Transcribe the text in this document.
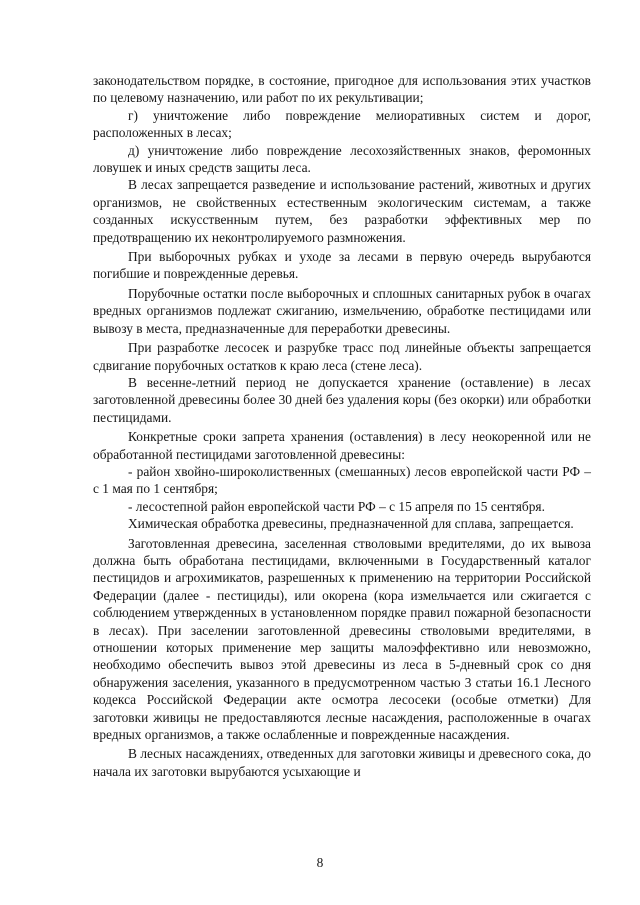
законодательством порядке, в состояние, пригодное для использования этих участков по целевому назначению, или работ по их рекультивации;

г) уничтожение либо повреждение мелиоративных систем и дорог, расположенных в лесах;

д) уничтожение либо повреждение лесохозяйственных знаков, феромонных ловушек и иных средств защиты леса.

В лесах запрещается разведение и использование растений, животных и других организмов, не свойственных естественным экологическим системам, а также созданных искусственным путем, без разработки эффективных мер по предотвращению их неконтролируемого размножения.

При выборочных рубках и уходе за лесами в первую очередь вырубаются погибшие и поврежденные деревья.

Порубочные остатки после выборочных и сплошных санитарных рубок в очагах вредных организмов подлежат сжиганию, измельчению, обработке пестицидами или вывозу в места, предназначенные для переработки древесины.

При разработке лесосек и разрубке трасс под линейные объекты запрещается сдвигание порубочных остатков к краю леса (стене леса).

В весенне-летний период не допускается хранение (оставление) в лесах заготовленной древесины более 30 дней без удаления коры (без окорки) или обработки пестицидами.

Конкретные сроки запрета хранения (оставления) в лесу неокоренной или не обработанной пестицидами заготовленной древесины:

- район хвойно-широколиственных (смешанных) лесов европейской части РФ – с 1 мая по 1 сентября;

- лесостепной район европейской части РФ – с 15 апреля по 15 сентября.

Химическая обработка древесины, предназначенной для сплава, запрещается.

Заготовленная древесина, заселенная стволовыми вредителями, до их вывоза должна быть обработана пестицидами, включенными в Государственный каталог пестицидов и агрохимикатов, разрешенных к применению на территории Российской Федерации (далее - пестициды), или окорена (кора измельчается или сжигается с соблюдением утвержденных в установленном порядке правил пожарной безопасности в лесах). При заселении заготовленной древесины стволовыми вредителями, в отношении которых применение мер защиты малоэффективно или невозможно, необходимо обеспечить вывоз этой древесины из леса в 5-дневный срок со дня обнаружения заселения, указанного в предусмотренном частью 3 статьи 16.1 Лесного кодекса Российской Федерации акте осмотра лесосеки (особые отметки) Для заготовки живицы не предоставляются лесные насаждения, расположенные в очагах вредных организмов, а также ослабленные и поврежденные насаждения.

В лесных насаждениях, отведенных для заготовки живицы и древесного сока, до начала их заготовки вырубаются усыхающие и

8
